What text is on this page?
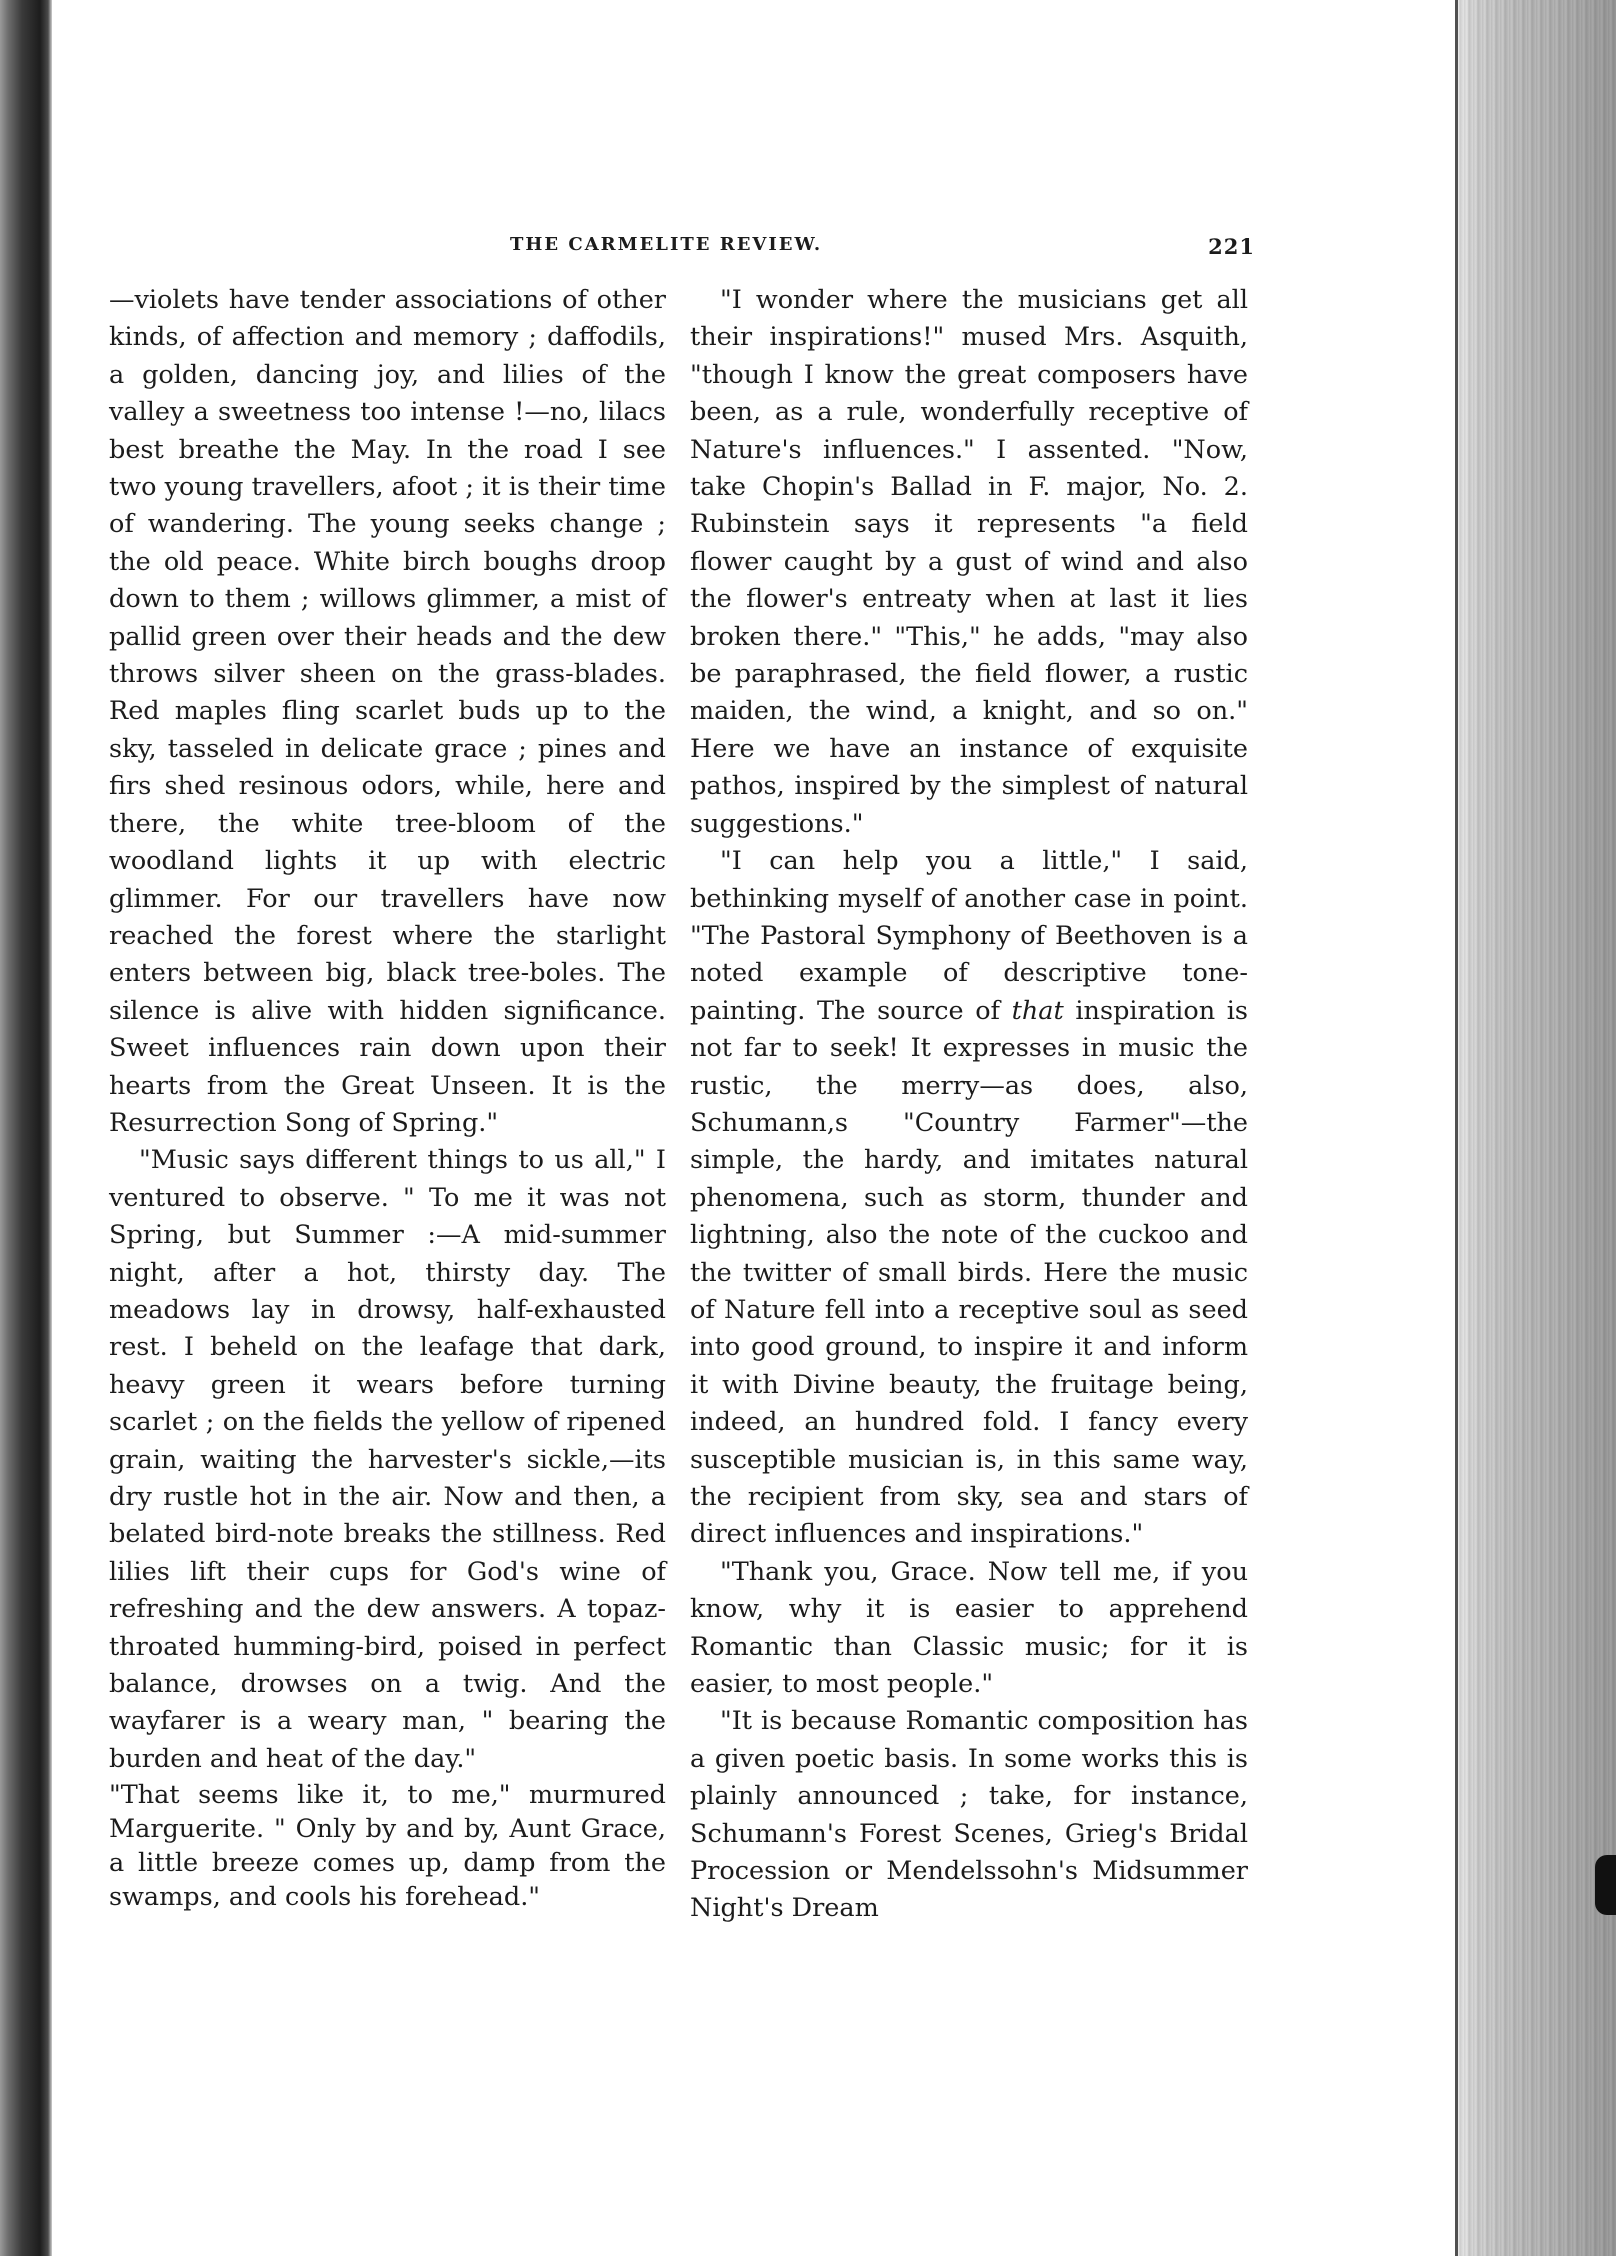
THE CARMELITE REVIEW.	221

—violets have tender associations of other kinds, of affection and memory ; daffodils, a golden, dancing joy, and lilies of the valley a sweetness too intense !—no, lilacs best breathe the May. In the road I see two young travellers, afoot ; it is their time of wandering. The young seeks change ; the old peace. White birch boughs droop down to them ; willows glimmer, a mist of pallid green over their heads and the dew throws silver sheen on the grass-blades. Red maples fling scarlet buds up to the sky, tasseled in delicate grace ; pines and firs shed resinous odors, while, here and there, the white tree-bloom of the woodland lights it up with electric glimmer. For our travellers have now reached the forest where the starlight enters between big, black tree-boles. The silence is alive with hidden significance. Sweet influences rain down upon their hearts from the Great Unseen. It is the Resurrection Song of Spring."

"Music says different things to us all," I ventured to observe. " To me it was not Spring, but Summer :—A mid-summer night, after a hot, thirsty day. The meadows lay in drowsy, half-exhausted rest. I beheld on the leafage that dark, heavy green it wears before turning scarlet ; on the fields the yellow of ripened grain, waiting the harvester's sickle,—its dry rustle hot in the air. Now and then, a belated bird-note breaks the stillness. Red lilies lift their cups for God's wine of refreshing and the dew answers. A topaz-throated humming-bird, poised in perfect balance, drowses on a twig. And the wayfarer is a weary man, " bearing the burden and heat of the day."

"That seems like it, to me," murmured Marguerite. " Only by and by, Aunt Grace, a little breeze comes up, damp from the swamps, and cools his forehead."

"I wonder where the musicians get all their inspirations!" mused Mrs. Asquith, "though I know the great composers have been, as a rule, wonderfully receptive of Nature's influences." I assented. "Now, take Chopin's Ballad in F. major, No. 2. Rubinstein says it represents "a field flower caught by a gust of wind and also the flower's entreaty when at last it lies broken there." "This," he adds, "may also be paraphrased, the field flower, a rustic maiden, the wind, a knight, and so on." Here we have an instance of exquisite pathos, inspired by the simplest of natural suggestions."

"I can help you a little," I said, bethinking myself of another case in point. "The Pastoral Symphony of Beethoven is a noted example of descriptive tone-painting. The source of that inspiration is not far to seek! It expresses in music the rustic, the merry—as does, also, Schumann,s "Country Farmer"—the simple, the hardy, and imitates natural phenomena, such as storm, thunder and lightning, also the note of the cuckoo and the twitter of small birds. Here the music of Nature fell into a receptive soul as seed into good ground, to inspire it and inform it with Divine beauty, the fruitage being, indeed, an hundred fold. I fancy every susceptible musician is, in this same way, the recipient from sky, sea and stars of direct influences and inspirations."

"Thank you, Grace. Now tell me, if you know, why it is easier to apprehend Romantic than Classic music; for it is easier, to most people."

"It is because Romantic composition has a given poetic basis. In some works this is plainly announced ; take, for instance, Schumann's Forest Scenes, Grieg's Bridal Procession or Mendelssohn's Midsummer Night's Dream
